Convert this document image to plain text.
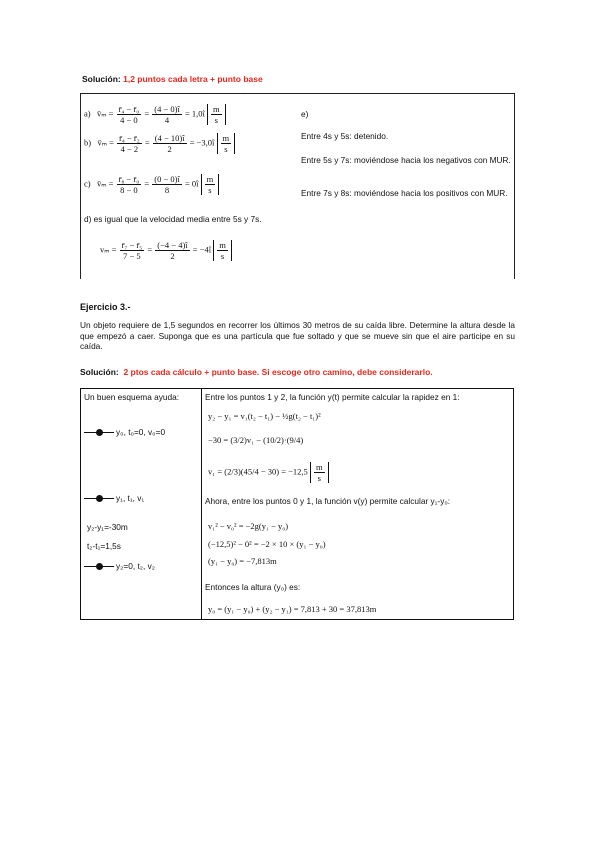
Solución: 1,2 puntos cada letra + punto base
a) v̄ₘ = $\frac{\text{r̄₄ − r̄₀}}{4 - 0} = \frac{(4 - 0)î}{4}$ = 1,0î $\frac{m}{s}$
b) v̄ₘ = $\frac{\text{r̄₄ − r̄₂}}{4 - 2} = \frac{(4 - 10)î}{2}$ = −3,0î $\frac{m}{s}$
c) v̄ₘ = $\frac{\text{r̄₈ − r̄₀}}{8 - 0} = \frac{(0 - 0)î}{8}$ = 0î $\frac{m}{s}$
d) es igual que la velocidad media entre 5s y 7s.
$v_m = \frac{\text{r̄₇ − r̄₅}}{7 - 5} = \frac{(-4 - 4)î}{2}$ = −4î $\frac{m}{s}$
e)
Entre 4s y 5s: detenido.
Entre 5s y 7s: moviéndose hacia los negativos con MUR.
Entre 7s y 8s: moviéndose hacia los positivos con MUR.
Ejercicio 3.-
Un objeto requiere de 1,5 segundos en recorrer los últimos 30 metros de su caída libre. Determine la altura desde la que empezó a caer. Suponga que es una partícula que fue soltado y que se mueve sin que el aire participe en su caída.
Solución: 2 ptos cada cálculo + punto base. Si escoge otro camino, debe considerarlo.

Un buen esquema ayuda:
y₀, t₀=0, v₀=0
y₁, t₁, v₁
y₂-y₁=-30m
t₂-t₁=1,5s
y₂=0, t₂, v₂
Entre los puntos 1 y 2, la función y(t) permite calcular la rapidez en 1:
y₂ − y₁ = v₁(t₂ − t₁) − ½g(t₂ − t₁)²
−30 = (3/2)v₁ − (10/2)·(9/4)
$v_1 = (2/3)(45/4 - 30) = -12,5 \frac{m}{s}$
Ahora, entre los puntos 0 y 1, la función v(y) permite calcular y₁-y₀:
v₁² − v₀² = −2g(y₁ − y₀)
(−12,5)² − 0² = −2 × 10 × (y₁ − y₀)
(y₁ − y₀) = −7,813m
Entonces la altura (y₀) es:
y₀ = (y₁ − y₀) + (y₂ − y₁) = 7,813 + 30 = 37,813m
